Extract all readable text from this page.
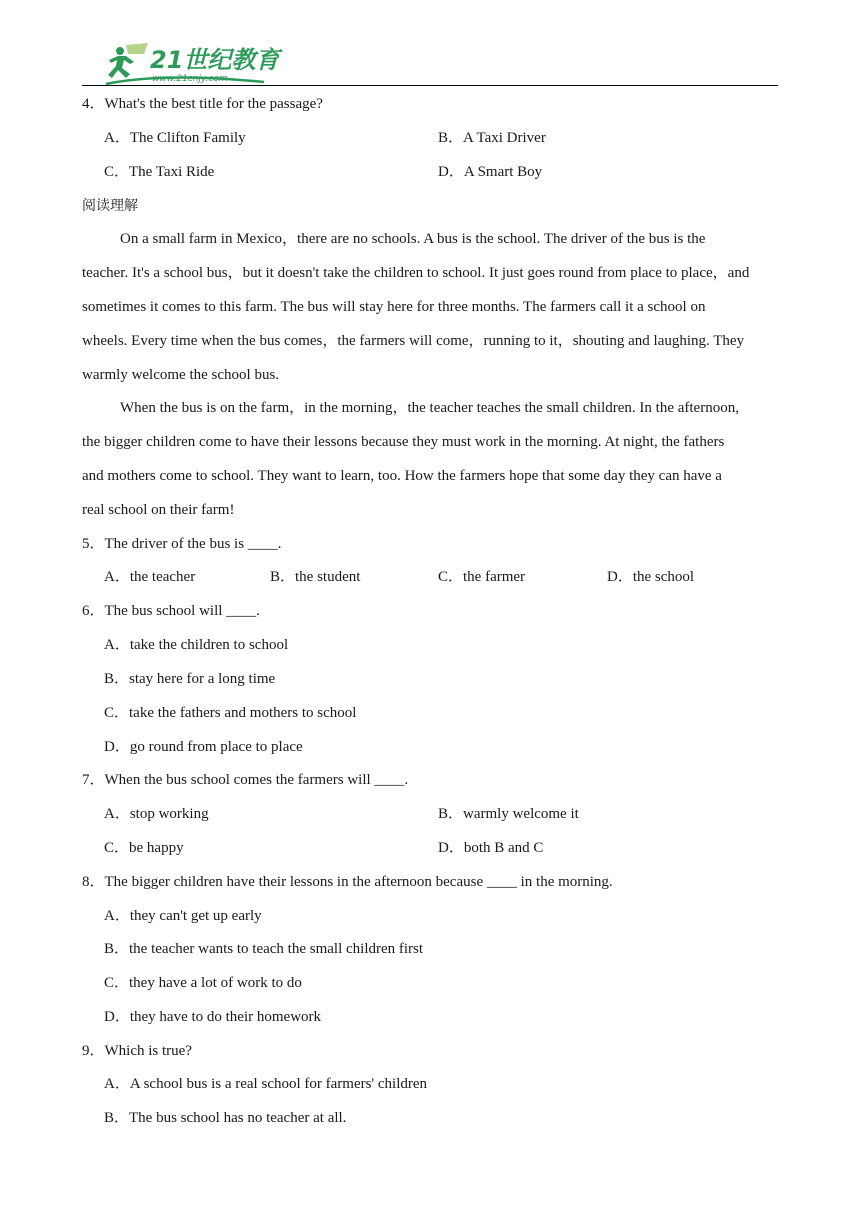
21世纪教育
www.21cnjy.com
4．What's the best title for the passage?
A．The Clifton Family	B．A Taxi Driver
C．The Taxi Ride	D．A Smart Boy
阅读理解
On a small farm in Mexico，there are no schools. A bus is the school. The driver of the bus is the
teacher. It's a school bus，but it doesn't take the children to school. It just goes round from place to place，and
sometimes it comes to this farm. The bus will stay here for three months. The farmers call it a school on
wheels. Every time when the bus comes，the farmers will come，running to it，shouting and laughing. They
warmly welcome the school bus.
When the bus is on the farm，in the morning，the teacher teaches the small children. In the afternoon,
the bigger children come to have their lessons because they must work in the morning. At night, the fathers
and mothers come to school. They want to learn, too. How the farmers hope that some day they can have a
real school on their farm!
5．The driver of the bus is ____.
A．the teacher	B．the student	C．the farmer	D．the school
6．The bus school will ____.
A．take the children to school
B．stay here for a long time
C．take the fathers and mothers to school
D．go round from place to place
7．When the bus school comes the farmers will ____.
A．stop working	B．warmly welcome it
C．be happy	D．both B and C
8．The bigger children have their lessons in the afternoon because ____ in the morning.
A．they can't get up early
B．the teacher wants to teach the small children first
C．they have a lot of work to do
D．they have to do their homework
9．Which is true?
A．A school bus is a real school for farmers' children
B．The bus school has no teacher at all.
